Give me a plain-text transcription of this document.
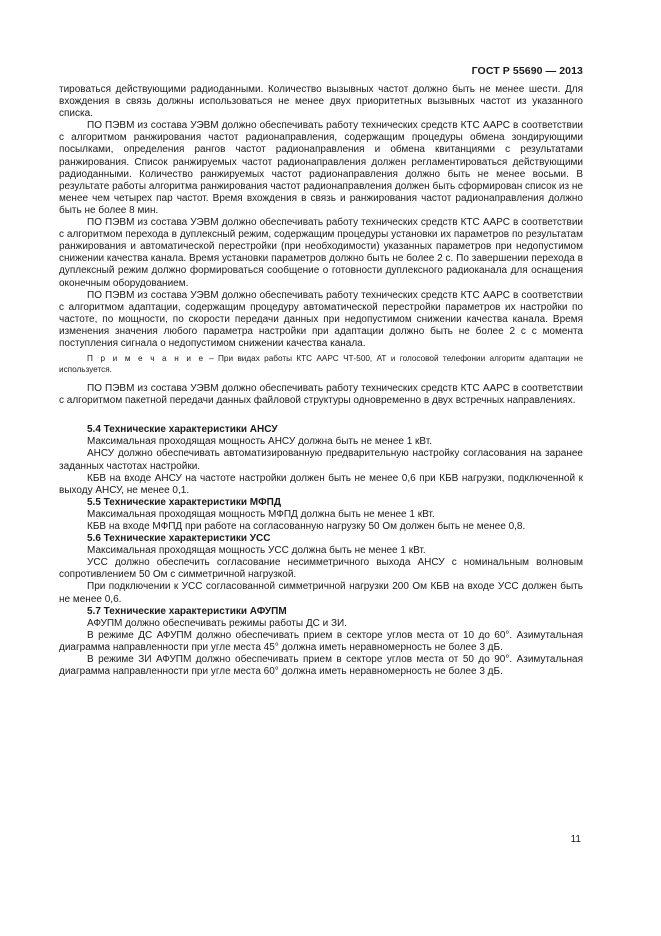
ГОСТ Р 55690 — 2013

тироваться действующими радиоданными. Количество вызывных частот должно быть не менее шести. Для вхождения в связь должны использоваться не менее двух приоритетных вызывных частот из указанного списка.

ПО ПЭВМ из состава УЭВМ должно обеспечивать работу технических средств КТС ААРС в соответствии с алгоритмом ранжирования частот радионаправления, содержащим процедуры обмена зондирующими посылками, определения рангов частот радионаправления и обмена квитанциями с результатами ранжирования. Список ранжируемых частот радионаправления должен регламентироваться действующими радиоданными. Количество ранжируемых частот радионаправления должно быть не менее восьми. В результате работы алгоритма ранжирования частот радионаправления должен быть сформирован список из не менее чем четырех пар частот. Время вхождения в связь и ранжирования частот радионаправления должно быть не более 8 мин.

ПО ПЭВМ из состава УЭВМ должно обеспечивать работу технических средств КТС ААРС в соответствии с алгоритмом перехода в дуплексный режим, содержащим процедуры установки их параметров по результатам ранжирования и автоматической перестройки (при необходимости) указанных параметров при недопустимом снижении качества канала. Время установки параметров должно быть не более 2 с. По завершении перехода в дуплексный режим должно формироваться сообщение о готовности дуплексного радиоканала для оснащения оконечным оборудованием.

ПО ПЭВМ из состава УЭВМ должно обеспечивать работу технических средств КТС ААРС в соответствии с алгоритмом адаптации, содержащим процедуру автоматической перестройки параметров их настройки по частоте, по мощности, по скорости передачи данных при недопустимом снижении качества канала. Время изменения значения любого параметра настройки при адаптации должно быть не более 2 с с момента поступления сигнала о недопустимом снижении качества канала.

П р и м е ч а н и е – При видах работы КТС ААРС ЧТ-500, АТ и голосовой телефонии алгоритм адаптации не используется.

ПО ПЭВМ из состава УЭВМ должно обеспечивать работу технических средств КТС ААРС в соответствии с алгоритмом пакетной передачи данных файловой структуры одновременно в двух встречных направлениях.

5.4 Технические характеристики АНСУ

Максимальная проходящая мощность АНСУ должна быть не менее 1 кВт.

АНСУ должно обеспечивать автоматизированную предварительную настройку согласования на заранее заданных частотах настройки.

КБВ на входе АНСУ на частоте настройки должен быть не менее 0,6 при КБВ нагрузки, подключенной к выходу АНСУ, не менее 0,1.

5.5 Технические характеристики МФПД

Максимальная проходящая мощность МФПД должна быть не менее 1 кВт.

КБВ на входе МФПД при работе на согласованную нагрузку 50 Ом должен быть не менее 0,8.

5.6 Технические характеристики УСС

Максимальная проходящая мощность УСС должна быть не менее 1 кВт.

УСС должно обеспечить согласование несимметричного выхода АНСУ с номинальным волновым сопротивлением 50 Ом с симметричной нагрузкой.

При подключении к УСС согласованной симметричной нагрузки 200 Ом КБВ на входе УСС должен быть не менее 0,6.

5.7 Технические характеристики АФУПМ

АФУПМ должно обеспечивать режимы работы ДС и ЗИ.

В режиме ДС АФУПМ должно обеспечивать прием в секторе углов места от 10 до 60°. Азимутальная диаграмма направленности при угле места 45° должна иметь неравномерность не более 3 дБ.

В режиме ЗИ АФУПМ должно обеспечивать прием в секторе углов места от 50 до 90°. Азимутальная диаграмма направленности при угле места 60° должна иметь неравномерность не более 3 дБ.

11
